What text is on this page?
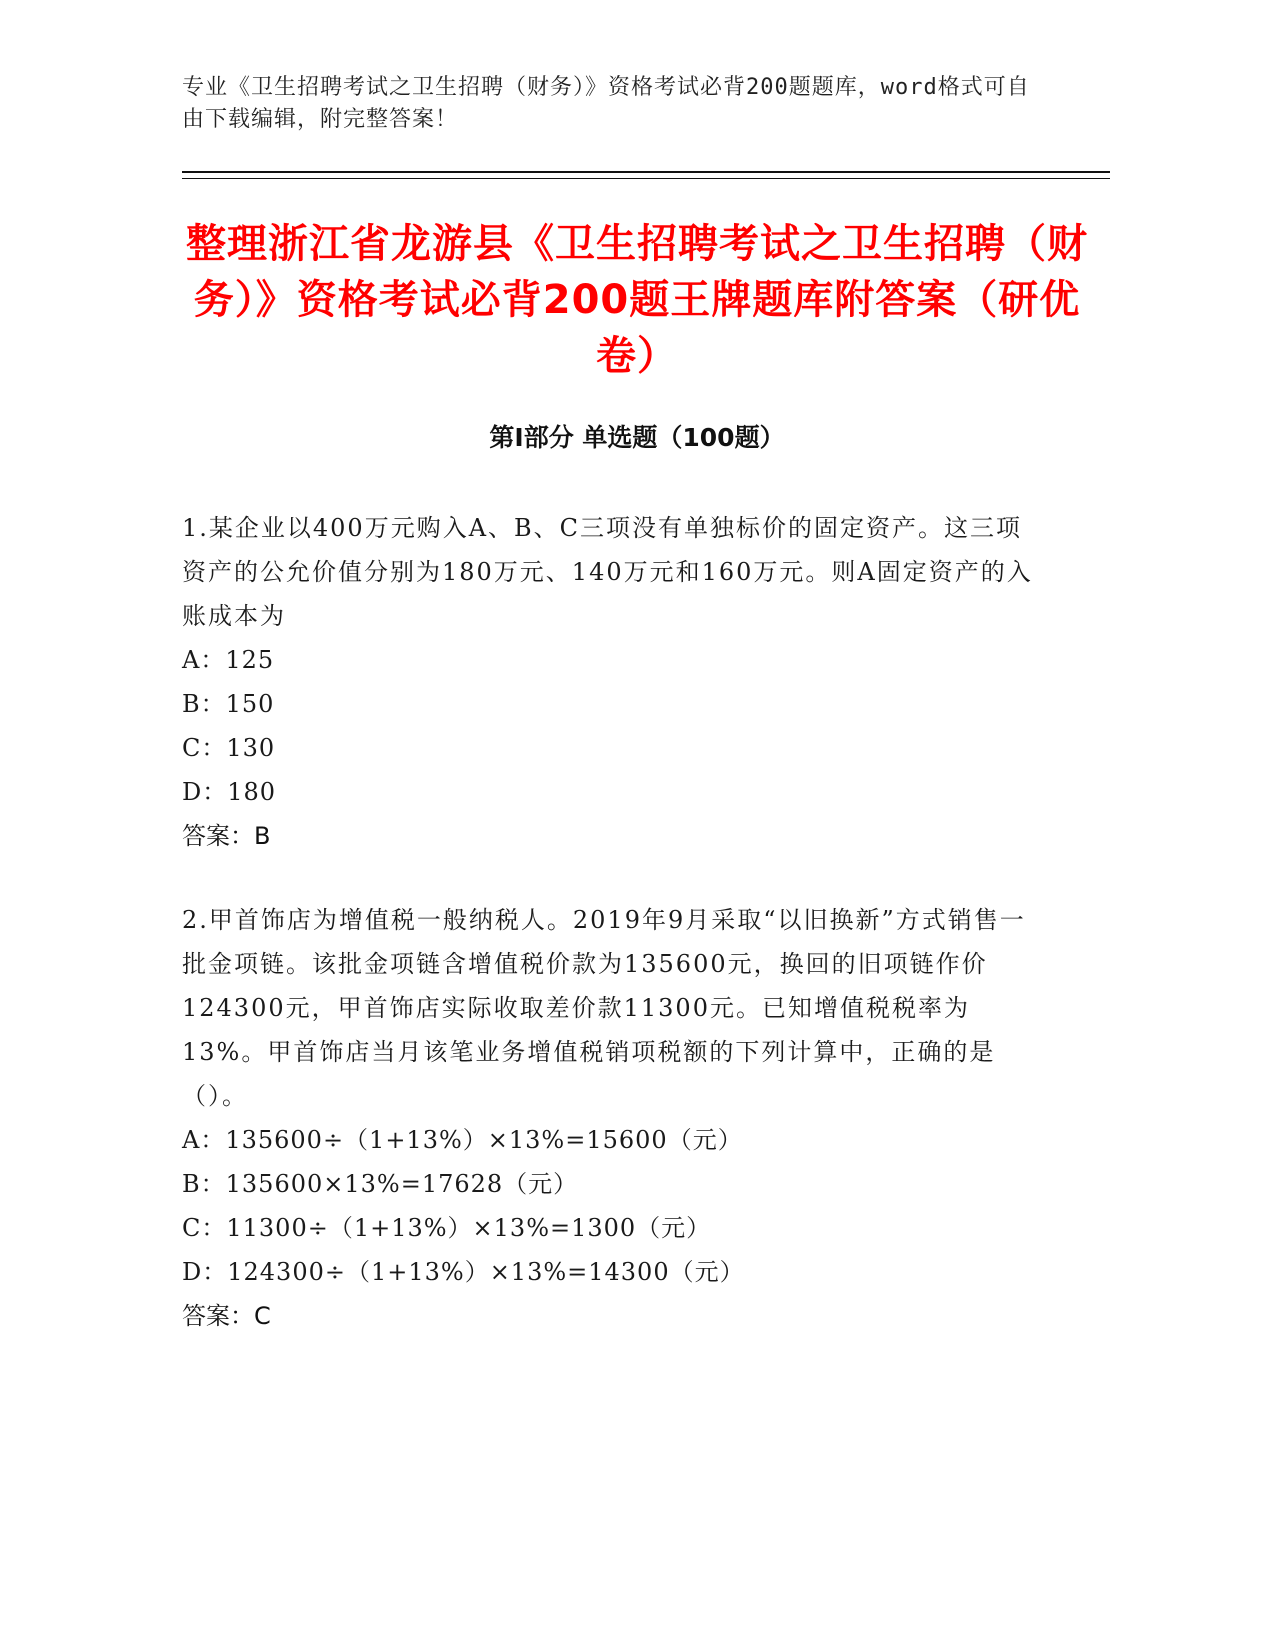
专业《卫生招聘考试之卫生招聘（财务）》资格考试必背200题题库，word格式可自由下载编辑，附完整答案！
整理浙江省龙游县《卫生招聘考试之卫生招聘（财务）》资格考试必背200题王牌题库附答案（研优卷）
第Ⅰ部分 单选题（100题）

1.某企业以400万元购入A、B、C三项没有单独标价的固定资产。这三项资产的公允价值分别为180万元、140万元和160万元。则A固定资产的入账成本为

A：125

B：150

C：130

D：180

答案：B

2.甲首饰店为增值税一般纳税人。2019年9月采取“以旧换新”方式销售一批金项链。该批金项链含增值税价款为135600元，换回的旧项链作价124300元，甲首饰店实际收取差价款11300元。已知增值税税率为13%。甲首饰店当月该笔业务增值税销项税额的下列计算中，正确的是（）。

A：135600÷（1+13%）×13%=15600（元）

B：135600×13%=17628（元）

C：11300÷（1+13%）×13%=1300（元）

D：124300÷（1+13%）×13%=14300（元）

答案：C
